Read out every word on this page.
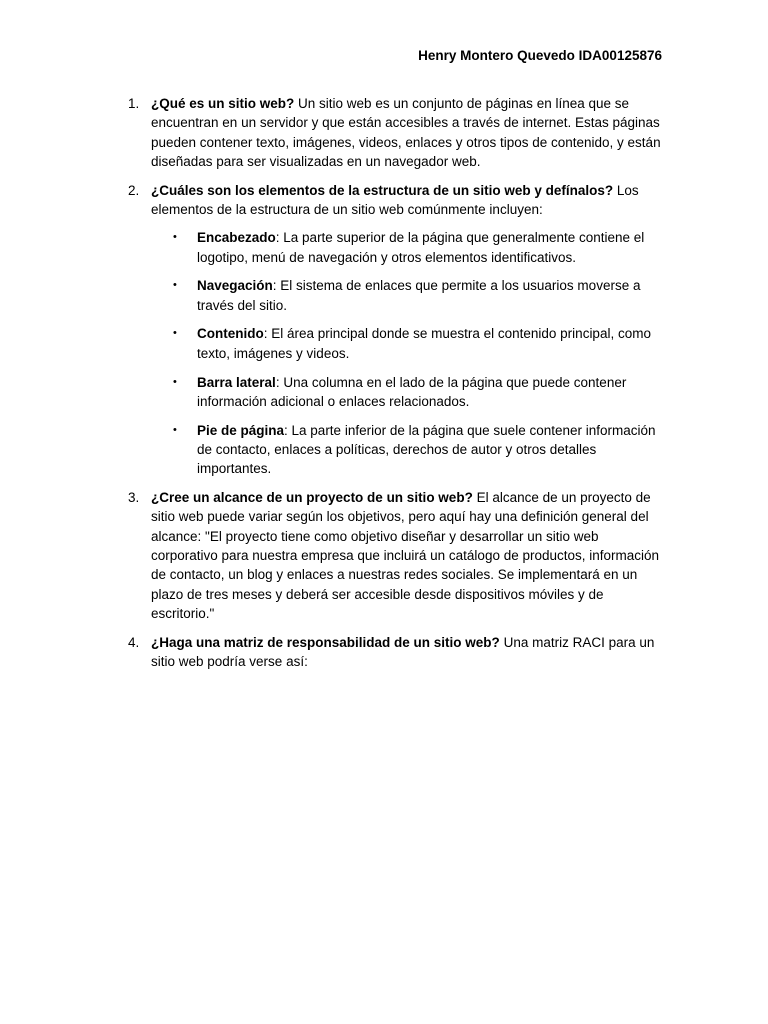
Henry Montero Quevedo IDA00125876
1. ¿Qué es un sitio web? Un sitio web es un conjunto de páginas en línea que se encuentran en un servidor y que están accesibles a través de internet. Estas páginas pueden contener texto, imágenes, videos, enlaces y otros tipos de contenido, y están diseñadas para ser visualizadas en un navegador web.
2. ¿Cuáles son los elementos de la estructura de un sitio web y defínalos? Los elementos de la estructura de un sitio web comúnmente incluyen:
• Encabezado: La parte superior de la página que generalmente contiene el logotipo, menú de navegación y otros elementos identificativos.
• Navegación: El sistema de enlaces que permite a los usuarios moverse a través del sitio.
• Contenido: El área principal donde se muestra el contenido principal, como texto, imágenes y videos.
• Barra lateral: Una columna en el lado de la página que puede contener información adicional o enlaces relacionados.
• Pie de página: La parte inferior de la página que suele contener información de contacto, enlaces a políticas, derechos de autor y otros detalles importantes.
3. ¿Cree un alcance de un proyecto de un sitio web? El alcance de un proyecto de sitio web puede variar según los objetivos, pero aquí hay una definición general del alcance: "El proyecto tiene como objetivo diseñar y desarrollar un sitio web corporativo para nuestra empresa que incluirá un catálogo de productos, información de contacto, un blog y enlaces a nuestras redes sociales. Se implementará en un plazo de tres meses y deberá ser accesible desde dispositivos móviles y de escritorio."
4. ¿Haga una matriz de responsabilidad de un sitio web? Una matriz RACI para un sitio web podría verse así:
